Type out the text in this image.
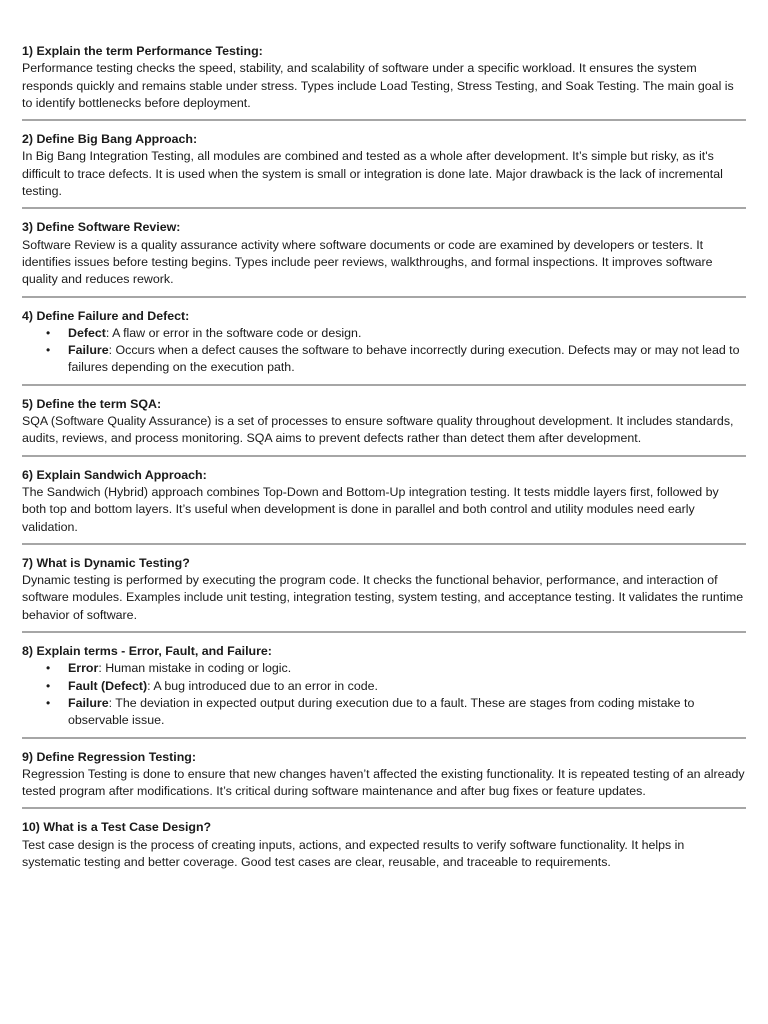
1) Explain the term Performance Testing:

Performance testing checks the speed, stability, and scalability of software under a specific workload. It ensures the system responds quickly and remains stable under stress. Types include Load Testing, Stress Testing, and Soak Testing. The main goal is to identify bottlenecks before deployment.

2) Define Big Bang Approach:

In Big Bang Integration Testing, all modules are combined and tested as a whole after development. It’s simple but risky, as it's difficult to trace defects. It is used when the system is small or integration is done late. Major drawback is the lack of incremental testing.

3) Define Software Review:

Software Review is a quality assurance activity where software documents or code are examined by developers or testers. It identifies issues before testing begins. Types include peer reviews, walkthroughs, and formal inspections. It improves software quality and reduces rework.

4) Define Failure and Defect:

• Defect: A flaw or error in the software code or design.
• Failure: Occurs when a defect causes the software to behave incorrectly during execution. Defects may or may not lead to failures depending on the execution path.

5) Define the term SQA:

SQA (Software Quality Assurance) is a set of processes to ensure software quality throughout development. It includes standards, audits, reviews, and process monitoring. SQA aims to prevent defects rather than detect them after development.

6) Explain Sandwich Approach:

The Sandwich (Hybrid) approach combines Top-Down and Bottom-Up integration testing. It tests middle layers first, followed by both top and bottom layers. It’s useful when development is done in parallel and both control and utility modules need early validation.

7) What is Dynamic Testing?

Dynamic testing is performed by executing the program code. It checks the functional behavior, performance, and interaction of software modules. Examples include unit testing, integration testing, system testing, and acceptance testing. It validates the runtime behavior of software.

8) Explain terms - Error, Fault, and Failure:

• Error: Human mistake in coding or logic.
• Fault (Defect): A bug introduced due to an error in code.
• Failure: The deviation in expected output during execution due to a fault. These are stages from coding mistake to observable issue.

9) Define Regression Testing:

Regression Testing is done to ensure that new changes haven’t affected the existing functionality. It is repeated testing of an already tested program after modifications. It’s critical during software maintenance and after bug fixes or feature updates.

10) What is a Test Case Design?

Test case design is the process of creating inputs, actions, and expected results to verify software functionality. It helps in systematic testing and better coverage. Good test cases are clear, reusable, and traceable to requirements.
